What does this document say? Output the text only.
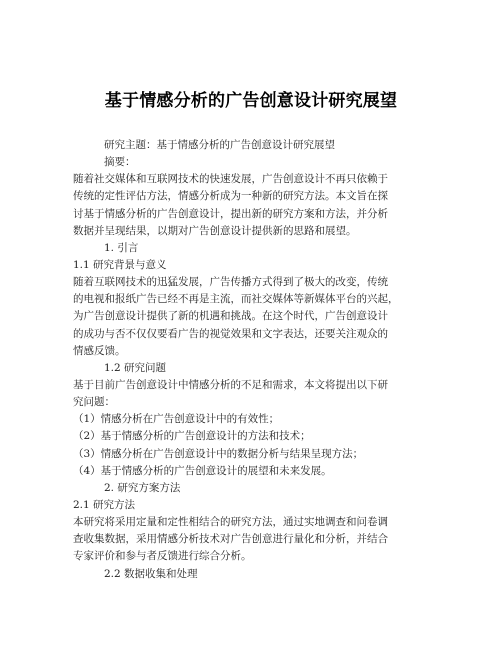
基于情感分析的广告创意设计研究展望
研究主题：基于情感分析的广告创意设计研究展望
摘要：
随着社交媒体和互联网技术的快速发展，广告创意设计不再只依赖于
传统的定性评估方法，情感分析成为一种新的研究方法。本文旨在探
讨基于情感分析的广告创意设计，提出新的研究方案和方法，并分析
数据并呈现结果，以期对广告创意设计提供新的思路和展望。
1. 引言
1.1 研究背景与意义
随着互联网技术的迅猛发展，广告传播方式得到了极大的改变，传统
的电视和报纸广告已经不再是主流，而社交媒体等新媒体平台的兴起，
为广告创意设计提供了新的机遇和挑战。在这个时代，广告创意设计
的成功与否不仅仅要看广告的视觉效果和文字表达，还要关注观众的
情感反馈。
1.2 研究问题
基于目前广告创意设计中情感分析的不足和需求，本文将提出以下研
究问题：
（1）情感分析在广告创意设计中的有效性；
（2）基于情感分析的广告创意设计的方法和技术；
（3）情感分析在广告创意设计中的数据分析与结果呈现方法；
（4）基于情感分析的广告创意设计的展望和未来发展。
2. 研究方案方法
2.1 研究方法
本研究将采用定量和定性相结合的研究方法，通过实地调查和问卷调
查收集数据，采用情感分析技术对广告创意进行量化和分析，并结合
专家评价和参与者反馈进行综合分析。
2.2 数据收集和处理
